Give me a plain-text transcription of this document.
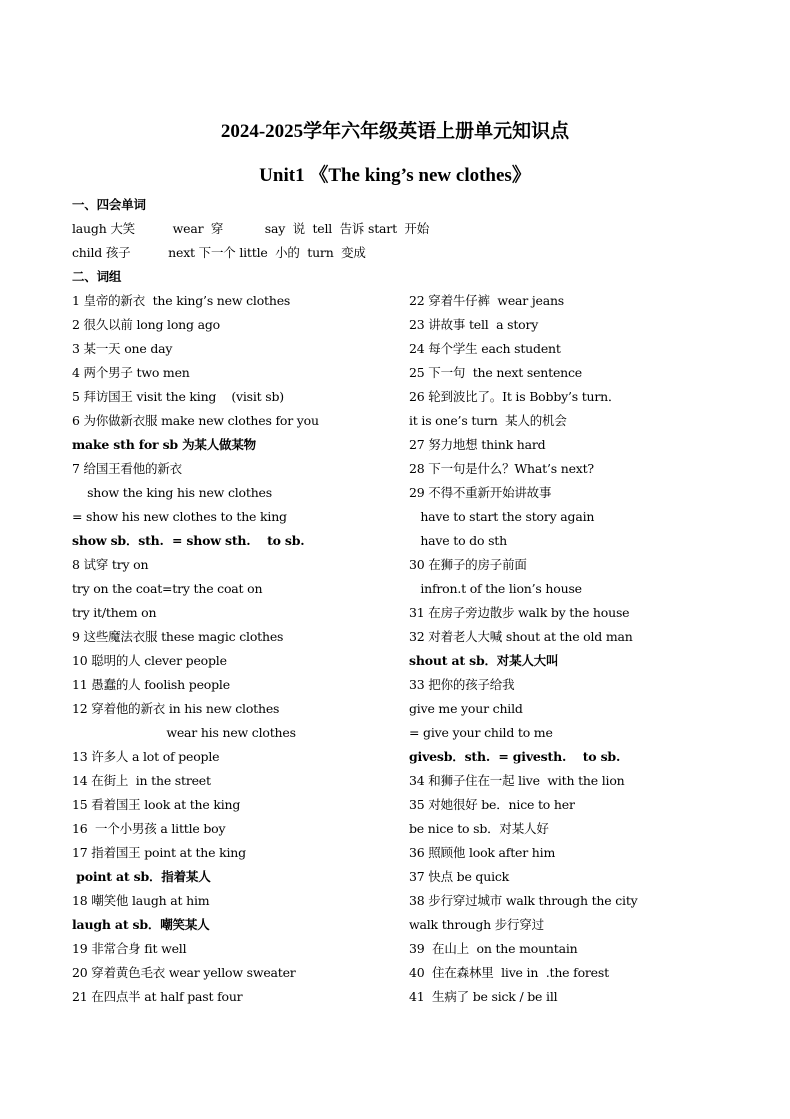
2024-2025学年六年级英语上册单元知识点
Unit1 《The king’s new clothes》
一、四会单词
laugh 大笑          wear  穿           say  说  tell  告诉 start  开始
child 孩子          next 下一个 little  小的  turn  变成
二、词组
1 皇帝的新衣  the king’s new clothes
2 很久以前 long long ago
3 某一天 one day
4 两个男子 two men
5 拜访国王 visit the king    (visit sb)
6 为你做新衣服 make new clothes for you
make sth for sb 为某人做某物
7 给国王看他的新衣
show the king his new clothes
= show his new clothes to the king
show sb．sth.  = show sth.    to sb.
8 试穿 try on
try on the coat=try the coat on
try it/them on
9 这些魔法衣服 these magic clothes
10 聪明的人 clever people
11 愚蠢的人 foolish people
12 穿着他的新衣 in his new clothes
wear his new clothes
13 许多人 a lot of people
14 在街上  in the street
15 看着国王 look at the king
16  一个小男孩 a little boy
17 指着国王 point at the king
point at sb．指着某人
18 嘲笑他 laugh at him
laugh at sb．嘲笑某人
19 非常合身 fit well
20 穿着黄色毛衣 wear yellow sweater
21 在四点半 at half past four
22 穿着牛仔裤  wear jeans
23 讲故事 tell  a story
24 每个学生 each student
25 下一句  the next sentence
26 轮到波比了。It is Bobby’s turn．
it is one’s turn  某人的机会
27 努力地想 think hard
28 下一句是什么？What’s next?
29 不得不重新开始讲故事
have to start the story again
have to do sth
30 在狮子的房子前面
infron.t of the lion’s house
31 在房子旁边散步 walk by the house
32 对着老人大喊 shout at the old man
shout at sb．对某人大叫
33 把你的孩子给我
give me your child
= give your child to me
givesb．sth.  = givesth.    to sb.
34 和狮子住在一起 live  with the lion
35 对她很好 be．nice to her
be nice to sb．对某人好
36 照顾他 look after him
37 快点 be quick
38 步行穿过城市 walk through the city
walk through 步行穿过
39  在山上  on the mountain
40  住在森林里  live in  .the forest
41  生病了 be sick / be ill
